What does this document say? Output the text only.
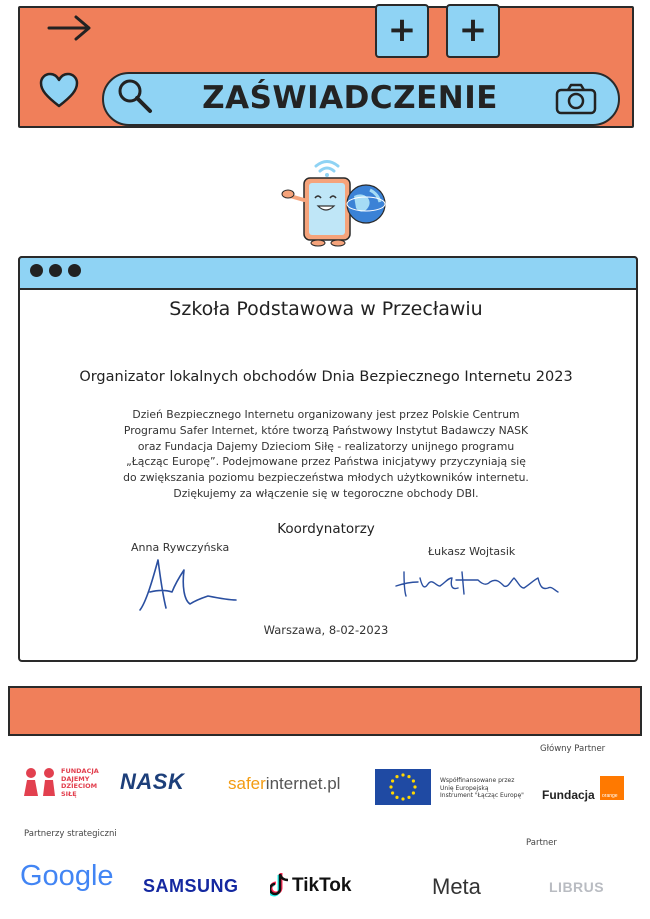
+ +
ZAŚWIADCZENIE
Szkoła Podstawowa w Przecławiu
Organizator lokalnych obchodów Dnia Bezpiecznego Internetu 2023
Dzień Bezpiecznego Internetu organizowany jest przez Polskie Centrum
Programu Safer Internet, które tworzą Państwowy Instytut Badawczy NASK
oraz Fundacja Dajemy Dzieciom Siłę - realizatorzy unijnego programu
„Łącząc Europę”. Podejmowane przez Państwa inicjatywy przyczyniają się
do zwiększania poziomu bezpieczeństwa młodych użytkowników internetu.
Dziękujemy za włączenie się w tegoroczne obchody DBI.
Koordynatorzy
Anna Rywczyńska	Łukasz Wojtasik
Warszawa, 8-02-2023
Główny Partner
FUNDACJA
DAJEMY
DZIECIOM
SIŁĘ	NASK	saferinternet.pl	Współfinansowane przez
Unię Europejską
Instrument "Łącząc Europę" Fundacja orange
Partnerzy strategiczni
Partner
Google SAMSUNG	TikTok	Meta	LIBRUS
